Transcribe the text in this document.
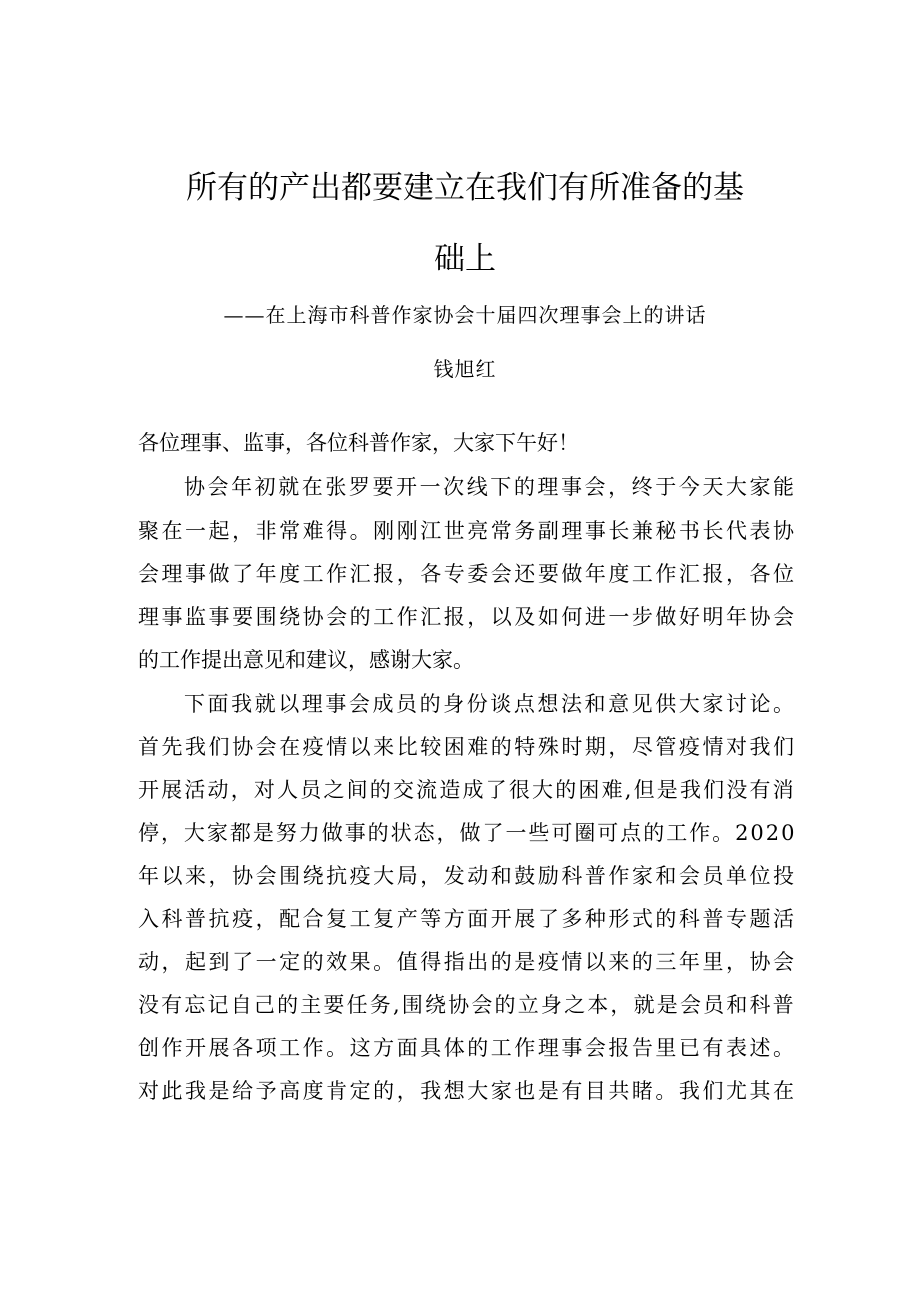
所有的产出都要建立在我们有所准备的基
础上
——在上海市科普作家协会十届四次理事会上的讲话
钱旭红
各位理事、监事，各位科普作家，大家下午好！
协会年初就在张罗要开一次线下的理事会，终于今天大家能
聚在一起，非常难得。刚刚江世亮常务副理事长兼秘书长代表协
会理事做了年度工作汇报，各专委会还要做年度工作汇报，各位
理事监事要围绕协会的工作汇报，以及如何进一步做好明年协会
的工作提出意见和建议，感谢大家。
下面我就以理事会成员的身份谈点想法和意见供大家讨论。
首先我们协会在疫情以来比较困难的特殊时期，尽管疫情对我们
开展活动，对人员之间的交流造成了很大的困难,但是我们没有消
停，大家都是努力做事的状态，做了一些可圈可点的工作。2020
年以来，协会围绕抗疫大局，发动和鼓励科普作家和会员单位投
入科普抗疫，配合复工复产等方面开展了多种形式的科普专题活
动，起到了一定的效果。值得指出的是疫情以来的三年里，协会
没有忘记自己的主要任务,围绕协会的立身之本，就是会员和科普
创作开展各项工作。这方面具体的工作理事会报告里已有表述。
对此我是给予高度肯定的，我想大家也是有目共睹。我们尤其在
